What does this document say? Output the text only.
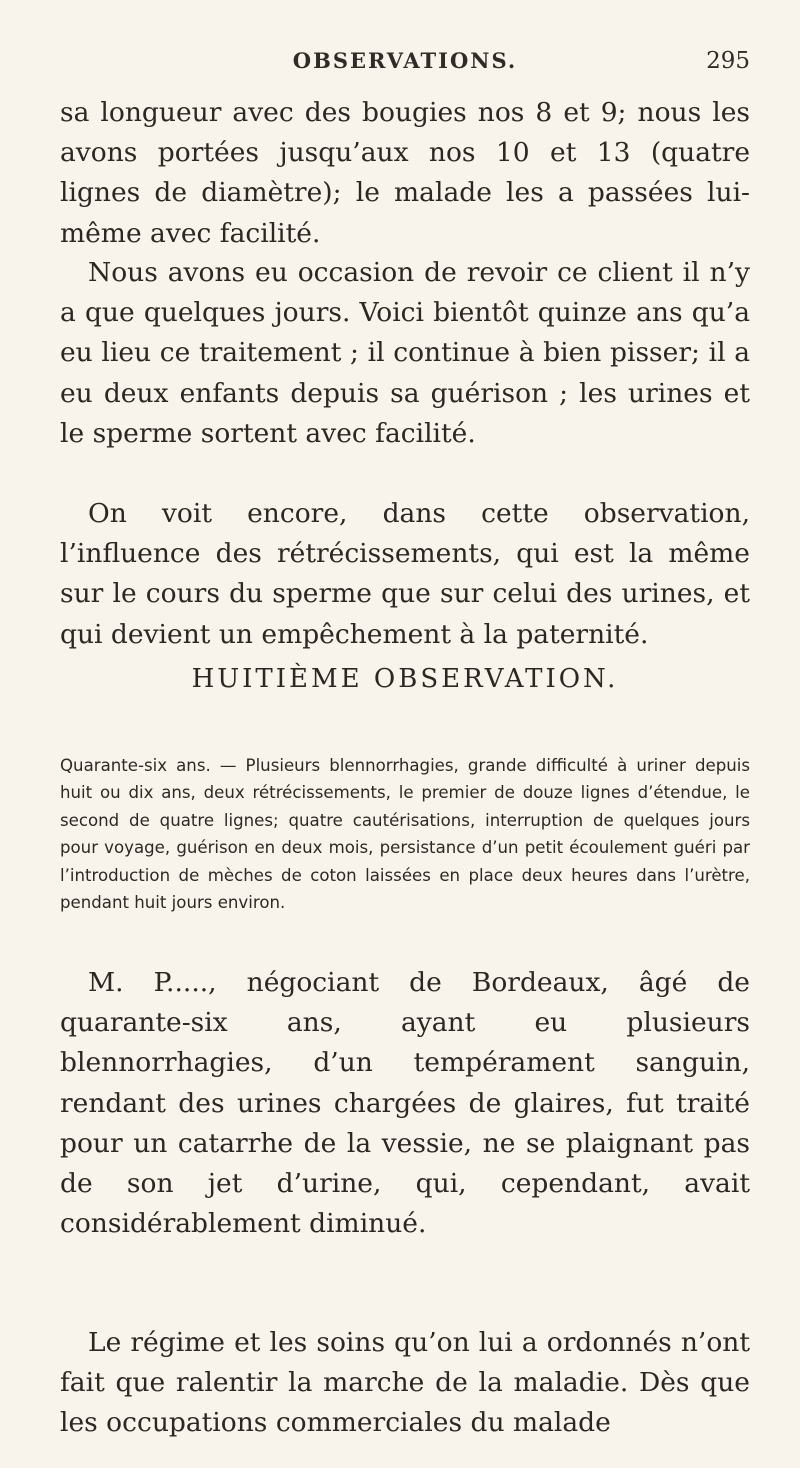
OBSERVATIONS.	295

sa longueur avec des bougies nos 8 et 9; nous les avons portées jusqu’aux nos 10 et 13 (quatre lignes de diamètre); le malade les a passées lui-même avec facilité.

Nous avons eu occasion de revoir ce client il n’y a que quelques jours. Voici bientôt quinze ans qu’a eu lieu ce traitement ; il continue à bien pisser; il a eu deux enfants depuis sa guérison ; les urines et le sperme sortent avec facilité.

On voit encore, dans cette observation, l’influence des rétrécissements, qui est la même sur le cours du sperme que sur celui des urines, et qui devient un empêchement à la paternité.

HUITIÈME OBSERVATION.

Quarante-six ans. — Plusieurs blennorrhagies, grande difficulté à uriner depuis huit ou dix ans, deux rétrécissements, le premier de douze lignes d’étendue, le second de quatre lignes; quatre cautérisations, interruption de quelques jours pour voyage, guérison en deux mois, persistance d’un petit écoulement guéri par l’introduction de mèches de coton laissées en place deux heures dans l’urètre, pendant huit jours environ.

M. P....., négociant de Bordeaux, âgé de quarante-six ans, ayant eu plusieurs blennorrhagies, d’un tempérament sanguin, rendant des urines chargées de glaires, fut traité pour un catarrhe de la vessie, ne se plaignant pas de son jet d’urine, qui, cependant, avait considérablement diminué.

Le régime et les soins qu’on lui a ordonnés n’ont fait que ralentir la marche de la maladie. Dès que les occupations commerciales du malade
